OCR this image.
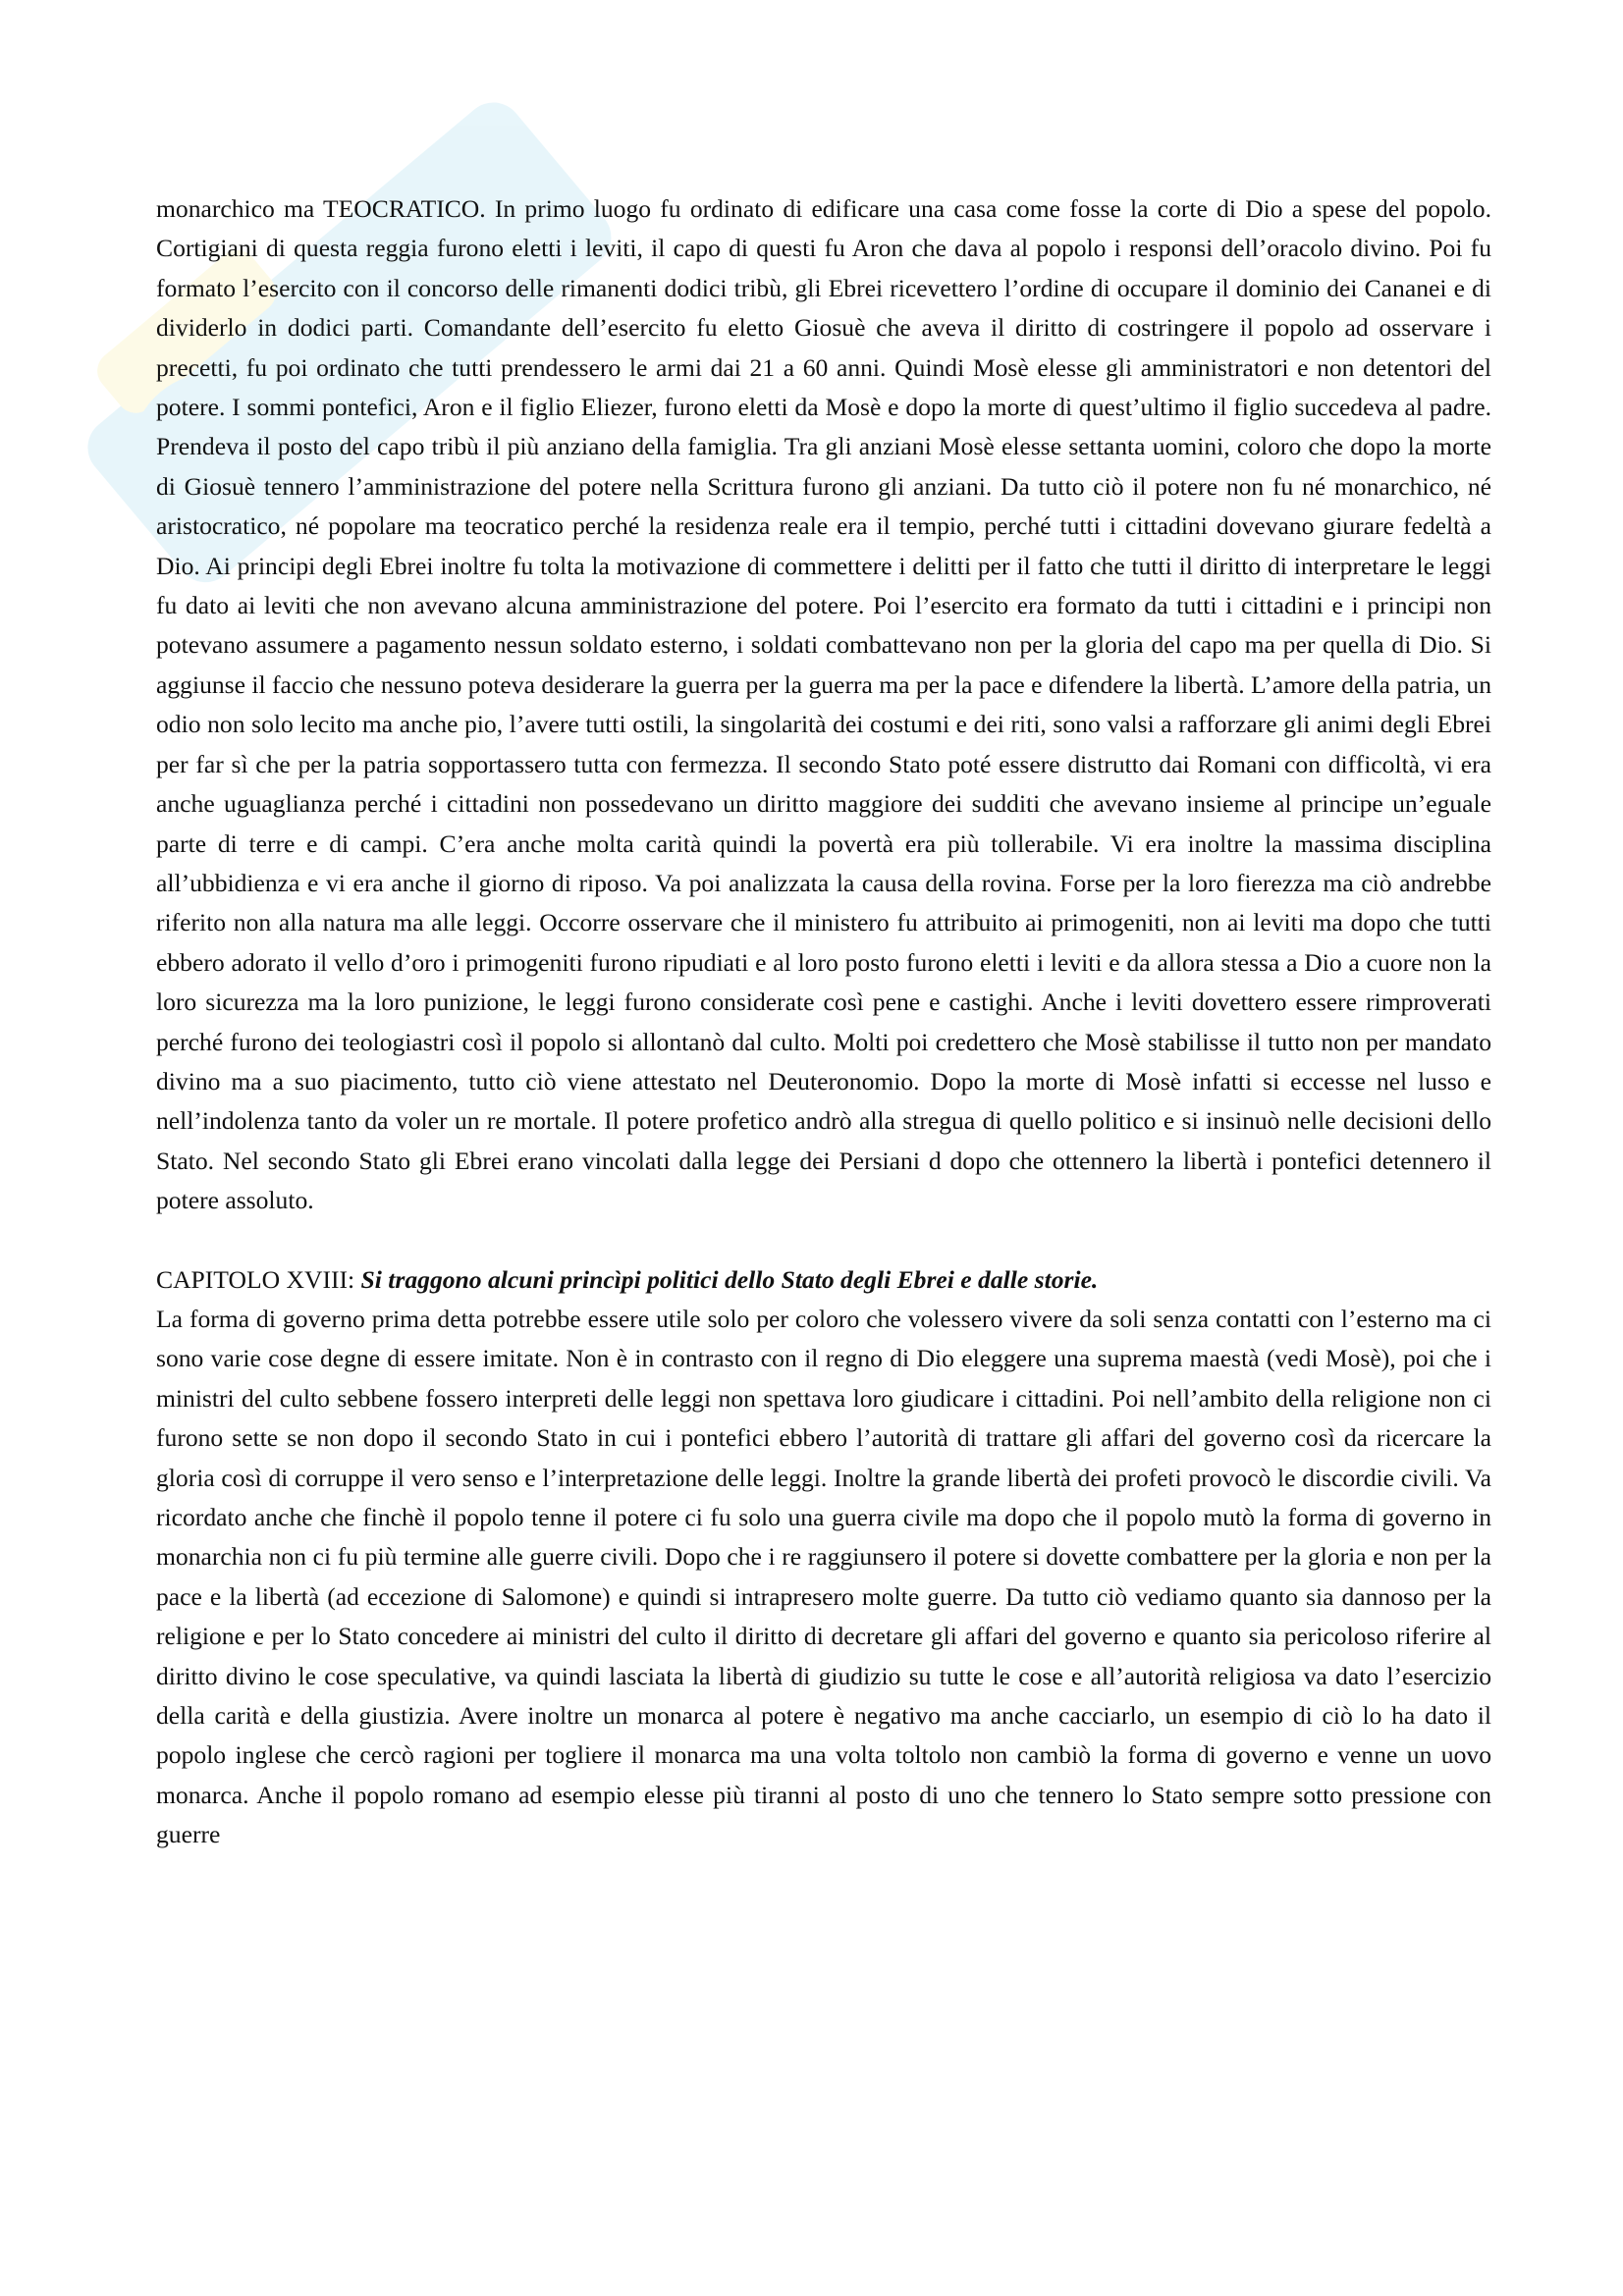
monarchico ma TEOCRATICO. In primo luogo fu ordinato di edificare una casa come fosse la corte di Dio a spese del popolo. Cortigiani di questa reggia furono eletti i leviti, il capo di questi fu Aron che dava al popolo i responsi dell’oracolo divino. Poi fu formato l’esercito con il concorso delle rimanenti dodici tribù, gli Ebrei ricevettero l’ordine di occupare il dominio dei Cananei e di dividerlo in dodici parti. Comandante dell’esercito fu eletto Giosuè che aveva il diritto di costringere il popolo ad osservare i precetti, fu poi ordinato che tutti prendessero le armi dai 21 a 60 anni. Quindi Mosè elesse gli amministratori e non detentori del potere. I sommi pontefici, Aron e il figlio Eliezer, furono eletti da Mosè e dopo la morte di quest’ultimo il figlio succedeva al padre. Prendeva il posto del capo tribù il più anziano della famiglia. Tra gli anziani Mosè elesse settanta uomini, coloro che dopo la morte di Giosuè tennero l’amministrazione del potere nella Scrittura furono gli anziani. Da tutto ciò il potere non fu né monarchico, né aristocratico, né popolare ma teocratico perché la residenza reale era il tempio, perché tutti i cittadini dovevano giurare fedeltà a Dio. Ai principi degli Ebrei inoltre fu tolta la motivazione di commettere i delitti per il fatto che tutti il diritto di interpretare le leggi fu dato ai leviti che non avevano alcuna amministrazione del potere. Poi l’esercito era formato da tutti i cittadini e i principi non potevano assumere a pagamento nessun soldato esterno, i soldati combattevano non per la gloria del capo ma per quella di Dio. Si aggiunse il faccio che nessuno poteva desiderare la guerra per la guerra ma per la pace e difendere la libertà. L’amore della patria, un odio non solo lecito ma anche pio, l’avere tutti ostili, la singolarità dei costumi e dei riti, sono valsi a rafforzare gli animi degli Ebrei per far sì che per la patria sopportassero tutta con fermezza. Il secondo Stato poté essere distrutto dai Romani con difficoltà, vi era anche uguaglianza perché i cittadini non possedevano un diritto maggiore dei sudditi che avevano insieme al principe un’eguale parte di terre e di campi. C’era anche molta carità quindi la povertà era più tollerabile. Vi era inoltre la massima disciplina all’ubbidienza e vi era anche il giorno di riposo. Va poi analizzata la causa della rovina. Forse per la loro fierezza ma ciò andrebbe riferito non alla natura ma alle leggi. Occorre osservare che il ministero fu attribuito ai primogeniti, non ai leviti ma dopo che tutti ebbero adorato il vello d’oro i primogeniti furono ripudiati e al loro posto furono eletti i leviti e da allora stessa a Dio a cuore non la loro sicurezza ma la loro punizione, le leggi furono considerate così pene e castighi. Anche i leviti dovettero essere rimproverati perché furono dei teologiastri così il popolo si allontanò dal culto. Molti poi credettero che Mosè stabilisse il tutto non per mandato divino ma a suo piacimento, tutto ciò viene attestato nel Deuteronomio. Dopo la morte di Mosè infatti si eccesse nel lusso e nell’indolenza tanto da voler un re mortale. Il potere profetico andrò alla stregua di quello politico e si insinuò nelle decisioni dello Stato. Nel secondo Stato gli Ebrei erano vincolati dalla legge dei Persiani d dopo che ottennero la libertà i pontefici detennero il potere assoluto.

CAPITOLO XVIII: Si traggono alcuni princìpi politici dello Stato degli Ebrei e dalle storie.

La forma di governo prima detta potrebbe essere utile solo per coloro che volessero vivere da soli senza contatti con l’esterno ma ci sono varie cose degne di essere imitate. Non è in contrasto con il regno di Dio eleggere una suprema maestà (vedi Mosè), poi che i ministri del culto sebbene fossero interpreti delle leggi non spettava loro giudicare i cittadini. Poi nell’ambito della religione non ci furono sette se non dopo il secondo Stato in cui i pontefici ebbero l’autorità di trattare gli affari del governo così da ricercare la gloria così di corruppe il vero senso e l’interpretazione delle leggi. Inoltre la grande libertà dei profeti provocò le discordie civili. Va ricordato anche che finchè il popolo tenne il potere ci fu solo una guerra civile ma dopo che il popolo mutò la forma di governo in monarchia non ci fu più termine alle guerre civili. Dopo che i re raggiunsero il potere si dovette combattere per la gloria e non per la pace e la libertà (ad eccezione di Salomone) e quindi si intrapresero molte guerre. Da tutto ciò vediamo quanto sia dannoso per la religione e per lo Stato concedere ai ministri del culto il diritto di decretare gli affari del governo e quanto sia pericoloso riferire al diritto divino le cose speculative, va quindi lasciata la libertà di giudizio su tutte le cose e all’autorità religiosa va dato l’esercizio della carità e della giustizia. Avere inoltre un monarca al potere è negativo ma anche cacciarlo, un esempio di ciò lo ha dato il popolo inglese che cercò ragioni per togliere il monarca ma una volta toltolo non cambiò la forma di governo e venne un uovo monarca. Anche il popolo romano ad esempio elesse più tiranni al posto di uno che tennero lo Stato sempre sotto pressione con guerre
